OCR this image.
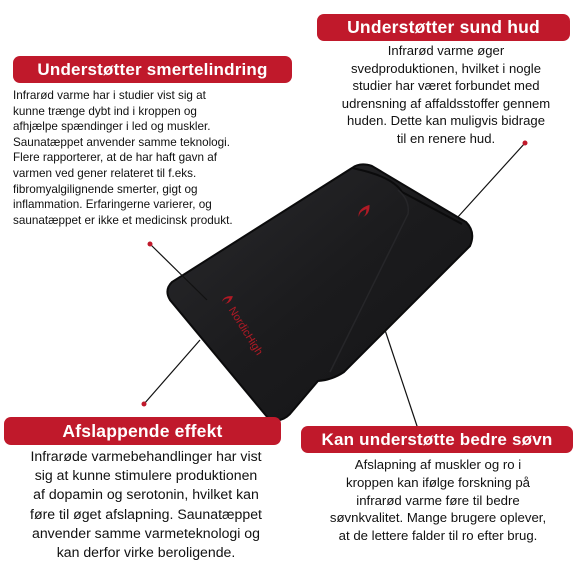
NordicHigh
Understøtter smertelindring
Infrarød varme har i studier vist sig at
kunne trænge dybt ind i kroppen og
afhjælpe spændinger i led og muskler.
Saunatæppet anvender samme teknologi.
Flere rapporterer, at de har haft gavn af
varmen ved gener relateret til f.eks.
fibromyalgilignende smerter, gigt og
inflammation. Erfaringerne varierer, og
saunatæppet er ikke et medicinsk produkt.
Understøtter sund hud
Infrarød varme øger
svedproduktionen, hvilket i nogle
studier har været forbundet med
udrensning af affaldsstoffer gennem
huden. Dette kan muligvis bidrage
til en renere hud.
Afslappende effekt
Infrarøde varmebehandlinger har vist
sig at kunne stimulere produktionen
af dopamin og serotonin, hvilket kan
føre til øget afslapning. Saunatæppet
anvender samme varmeteknologi og
kan derfor virke beroligende.
Kan understøtte bedre søvn
Afslapning af muskler og ro i
kroppen kan ifølge forskning på
infrarød varme føre til bedre
søvnkvalitet. Mange brugere oplever,
at de lettere falder til ro efter brug.
